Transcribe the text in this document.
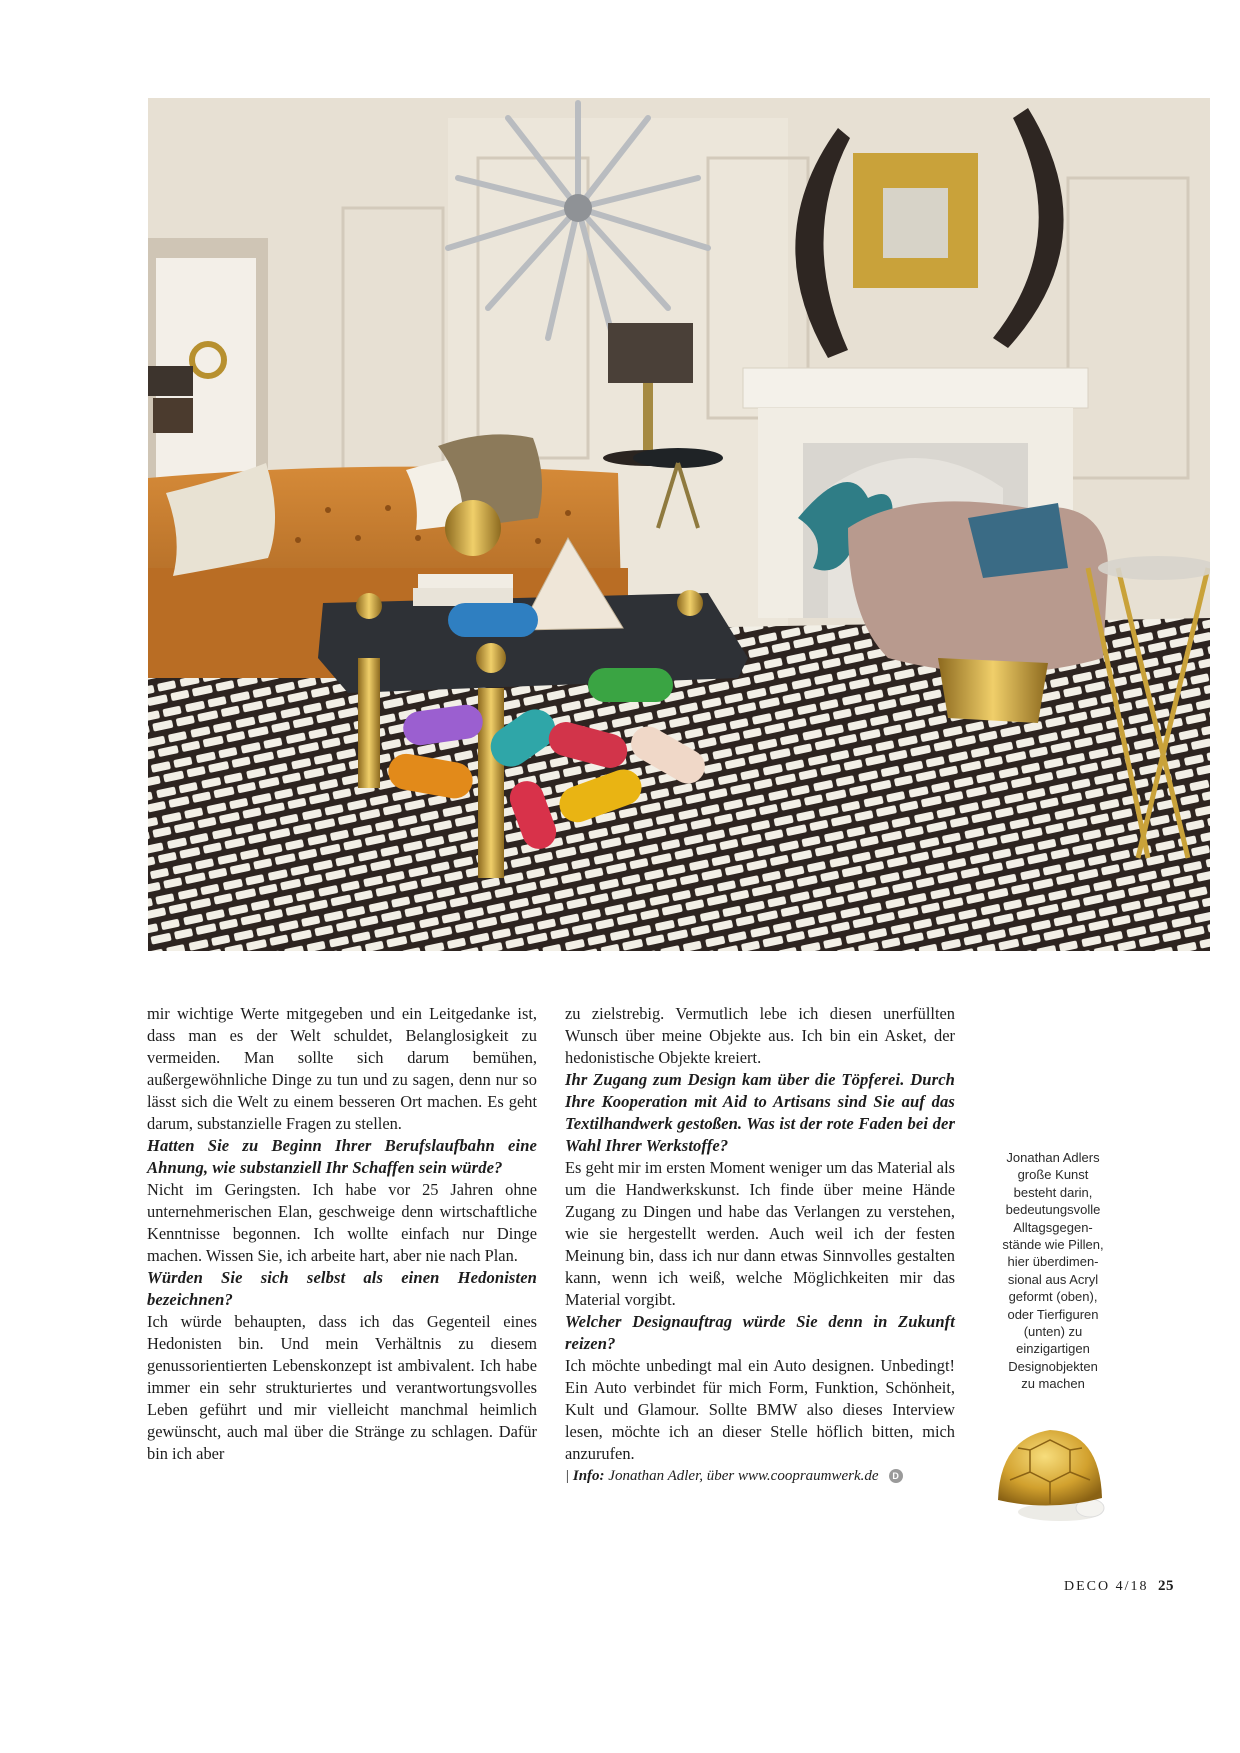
mir wichtige Werte mitgegeben und ein Leitgedanke ist, dass man es der Welt schuldet, Belanglosigkeit zu vermeiden. Man sollte sich darum bemühen, außergewöhnliche Dinge zu tun und zu sagen, denn nur so lässt sich die Welt zu einem besseren Ort machen. Es geht darum, substanzielle Fragen zu stellen.

Hatten Sie zu Beginn Ihrer Berufslaufbahn eine Ahnung, wie substanziell Ihr Schaffen sein würde?

Nicht im Geringsten. Ich habe vor 25 Jahren ohne unternehmerischen Elan, geschweige denn wirtschaftliche Kenntnisse begonnen. Ich wollte einfach nur Dinge machen. Wissen Sie, ich arbeite hart, aber nie nach Plan.

Würden Sie sich selbst als einen Hedonisten bezeichnen?

Ich würde behaupten, dass ich das Gegenteil eines Hedonisten bin. Und mein Verhältnis zu diesem genussorientierten Lebenskonzept ist ambivalent. Ich habe immer ein sehr strukturiertes und verantwortungsvolles Leben geführt und mir vielleicht manchmal heimlich gewünscht, auch mal über die Stränge zu schlagen. Dafür bin ich aber

zu zielstrebig. Vermutlich lebe ich diesen unerfüllten Wunsch über meine Objekte aus. Ich bin ein Asket, der hedonistische Objekte kreiert.

Ihr Zugang zum Design kam über die Töpferei. Durch Ihre Kooperation mit Aid to Artisans sind Sie auf das Textilhandwerk gestoßen. Was ist der rote Faden bei der Wahl Ihrer Werkstoffe?

Es geht mir im ersten Moment weniger um das Material als um die Handwerkskunst. Ich finde über meine Hände Zugang zu Dingen und habe das Verlangen zu verstehen, wie sie hergestellt werden. Auch weil ich der festen Meinung bin, dass ich nur dann etwas Sinnvolles gestalten kann, wenn ich weiß, welche Möglichkeiten mir das Material vorgibt.

Welcher Designauftrag würde Sie denn in Zukunft reizen?

Ich möchte unbedingt mal ein Auto designen. Unbedingt! Ein Auto verbindet für mich Form, Funktion, Schönheit, Kult und Glamour. Sollte BMW also dieses Interview lesen, möchte ich an dieser Stelle höflich bitten, mich anzurufen.

| Info: Jonathan Adler, über www.coopraumwerk.de D

Jonathan Adlers
große Kunst
besteht darin,
bedeutungsvolle
Alltagsgegen-
stände wie Pillen,
hier überdimen-
sional aus Acryl
geformt (oben),
oder Tierfiguren
(unten) zu
einzigartigen
Designobjekten
zu machen
DECO 4/18 25
